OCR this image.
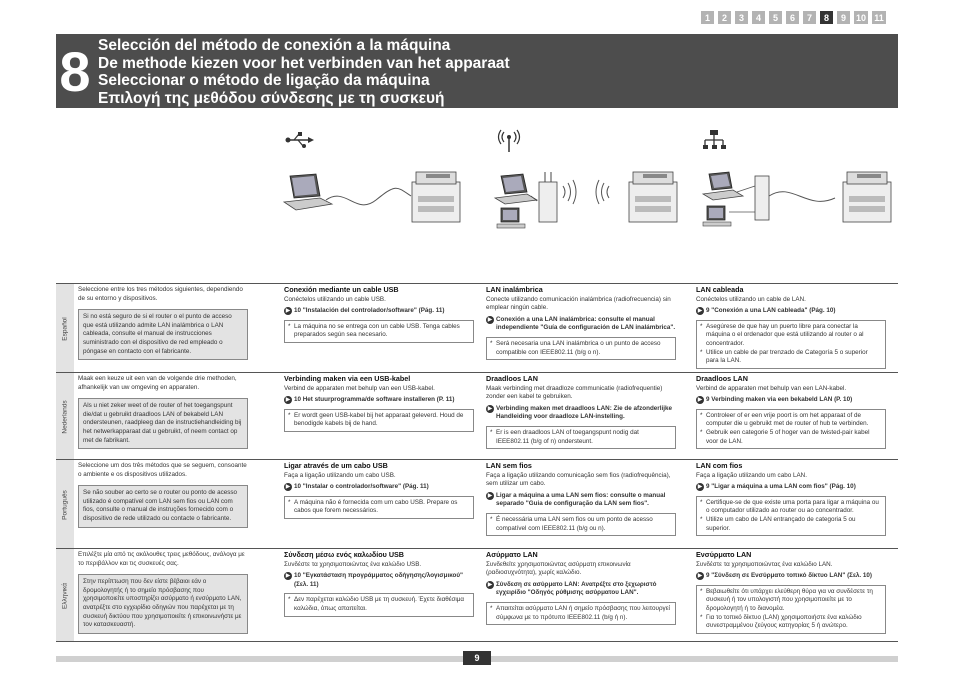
1	2	3	4	5	6	7	8	9	10 11
8 Selección del método de conexión a la máquina
De methode kiezen voor het verbinden van het apparaat
Seleccionar o método de ligação da máquina
Επιλογή της μεθόδου σύνδεσης με τη συσκευή
Español
Seleccione entre los tres métodos siguientes, dependiendo de su entorno y dispositivos.
Si no está seguro de si el router o el punto de acceso que está utilizando admite LAN inalámbrica o LAN cableada, consulte el manual de instrucciones suministrado con el dispositivo de red empleado o póngase en contacto con el fabricante.
Conexión mediante un cable USB
Conéctelos utilizando un cable USB.
▶ 10 "Instalación del controlador/software" (Pág. 11)
* La máquina no se entrega con un cable USB. Tenga cables preparados según sea necesario.
LAN inalámbrica
Conecte utilizando comunicación inalámbrica (radiofrecuencia) sin emplear ningún cable.
▶ Conexión a una LAN inalámbrica: consulte el manual independiente "Guía de configuración de LAN inalámbrica".
* Será necesaria una LAN inalámbrica o un punto de acceso compatible con IEEE802.11 (b/g o n).
LAN cableada
Conéctelos utilizando un cable de LAN.
▶ 9 "Conexión a una LAN cableada" (Pág. 10)
* Asegúrese de que hay un puerto libre para conectar la máquina o el ordenador que está utilizando al router o al concentrador.
* Utilice un cable de par trenzado de Categoría 5 o superior para la LAN.
Nederlands
Maak een keuze uit een van de volgende drie methoden, afhankelijk van uw omgeving en apparaten.
Als u niet zeker weet of de router of het toegangspunt die/dat u gebruikt draadloos LAN of bekabeld LAN ondersteunen, raadpleeg dan de instructiehandleiding bij het netwerkapparaat dat u gebruikt, of neem contact op met de fabrikant.
Verbinding maken via een USB-kabel
Verbind de apparaten met behulp van een USB-kabel.
▶ 10 Het stuurprogramma/de software installeren (P. 11)
* Er wordt geen USB-kabel bij het apparaat geleverd. Houd de benodigde kabels bij de hand.
Draadloos LAN
Maak verbinding met draadloze communicatie (radiofrequentie) zonder een kabel te gebruiken.
▶ Verbinding maken met draadloos LAN: Zie de afzonderlijke Handleiding voor draadloze LAN-instelling.
* Er is een draadloos LAN of toegangspunt nodig dat IEEE802.11 (b/g of n) ondersteunt.
Draadloos LAN
Verbind de apparaten met behulp van een LAN-kabel.
▶ 9 Verbinding maken via een bekabeld LAN (P. 10)
* Controleer of er een vrije poort is om het apparaat of de computer die u gebruikt met de router of hub te verbinden.
* Gebruik een categorie 5 of hoger van de twisted-pair kabel voor de LAN.
Português
Seleccione um dos três métodos que se seguem, consoante o ambiente e os dispositivos utilizados.
Se não souber ao certo se o router ou ponto de acesso utilizado é compatível com LAN sem fios ou LAN com fios, consulte o manual de instruções fornecido com o dispositivo de rede utilizado ou contacte o fabricante.
Ligar através de um cabo USB
Faça a ligação utilizando um cabo USB.
▶ 10 "Instalar o controlador/software" (Pág. 11)
* A máquina não é fornecida com um cabo USB. Prepare os cabos que forem necessários.
LAN sem fios
Faça a ligação utilizando comunicação sem fios (radiofrequência), sem utilizar um cabo.
▶ Ligar a máquina a uma LAN sem fios: consulte o manual separado "Guia de configuração da LAN sem fios".
* É necessária uma LAN sem fios ou um ponto de acesso compatível com IEEE802.11 (b/g ou n).
LAN com fios
Faça a ligação utilizando um cabo LAN.
▶ 9 "Ligar a máquina a uma LAN com fios" (Pág. 10)
* Certifique-se de que existe uma porta para ligar a máquina ou o computador utilizado ao router ou ao concentrador.
* Utilize um cabo de LAN entrançado de categoria 5 ou superior.
Ελληνικά
Επιλέξτε μία από τις ακόλουθες τρεις μεθόδους, ανάλογα με το περιβάλλον και τις συσκευές σας.
Στην περίπτωση που δεν είστε βέβαιοι εάν ο δρομολογητής ή το σημείο πρόσβασης που χρησιμοποιείτε υποστηρίζει ασύρματο ή ενσύρματο LAN, ανατρέξτε στο εγχειρίδιο οδηγιών που παρέχεται με τη συσκευή δικτύου που χρησιμοποιείτε ή επικοινωνήστε με τον κατασκευαστή.
Σύνδεση μέσω ενός καλωδίου USB
Συνδέστε τα χρησιμοποιώντας ένα καλώδιο USB.
▶ 10 "Εγκατάσταση προγράμματος οδήγησης/λογισμικού" (Σελ. 11)
* Δεν παρέχεται καλώδιο USB με τη συσκευή. Έχετε διαθέσιμα καλώδια, όπως απαιτείται.
Ασύρματο LAN
Συνδεθείτε χρησιμοποιώντας ασύρματη επικοινωνία (ραδιοσυχνότητα), χωρίς καλώδιο.
▶ Σύνδεση σε ασύρματο LAN: Ανατρέξτε στο ξεχωριστό εγχειρίδιο "Οδηγός ρύθμισης ασύρματου LAN".
* Απαιτείται ασύρματο LAN ή σημείο πρόσβασης που λειτουργεί σύμφωνα με το πρότυπο IEEE802.11 (b/g ή n).
Ενσύρματο LAN
Συνδέστε τα χρησιμοποιώντας ένα καλώδιο LAN.
▶ 9 "Σύνδεση σε Ενσύρματο τοπικό δίκτυο LAN" (Σελ. 10)
* Βεβαιωθείτε ότι υπάρχει ελεύθερη θύρα για να συνδέσετε τη συσκευή ή τον υπολογιστή που χρησιμοποιείτε με το δρομολογητή ή το διανομέα.
* Για το τοπικό δίκτυο (LAN) χρησιμοποιήστε ένα καλώδιο συνεστραμμένου ζεύγους κατηγορίας 5 ή ανώτερο.
9
